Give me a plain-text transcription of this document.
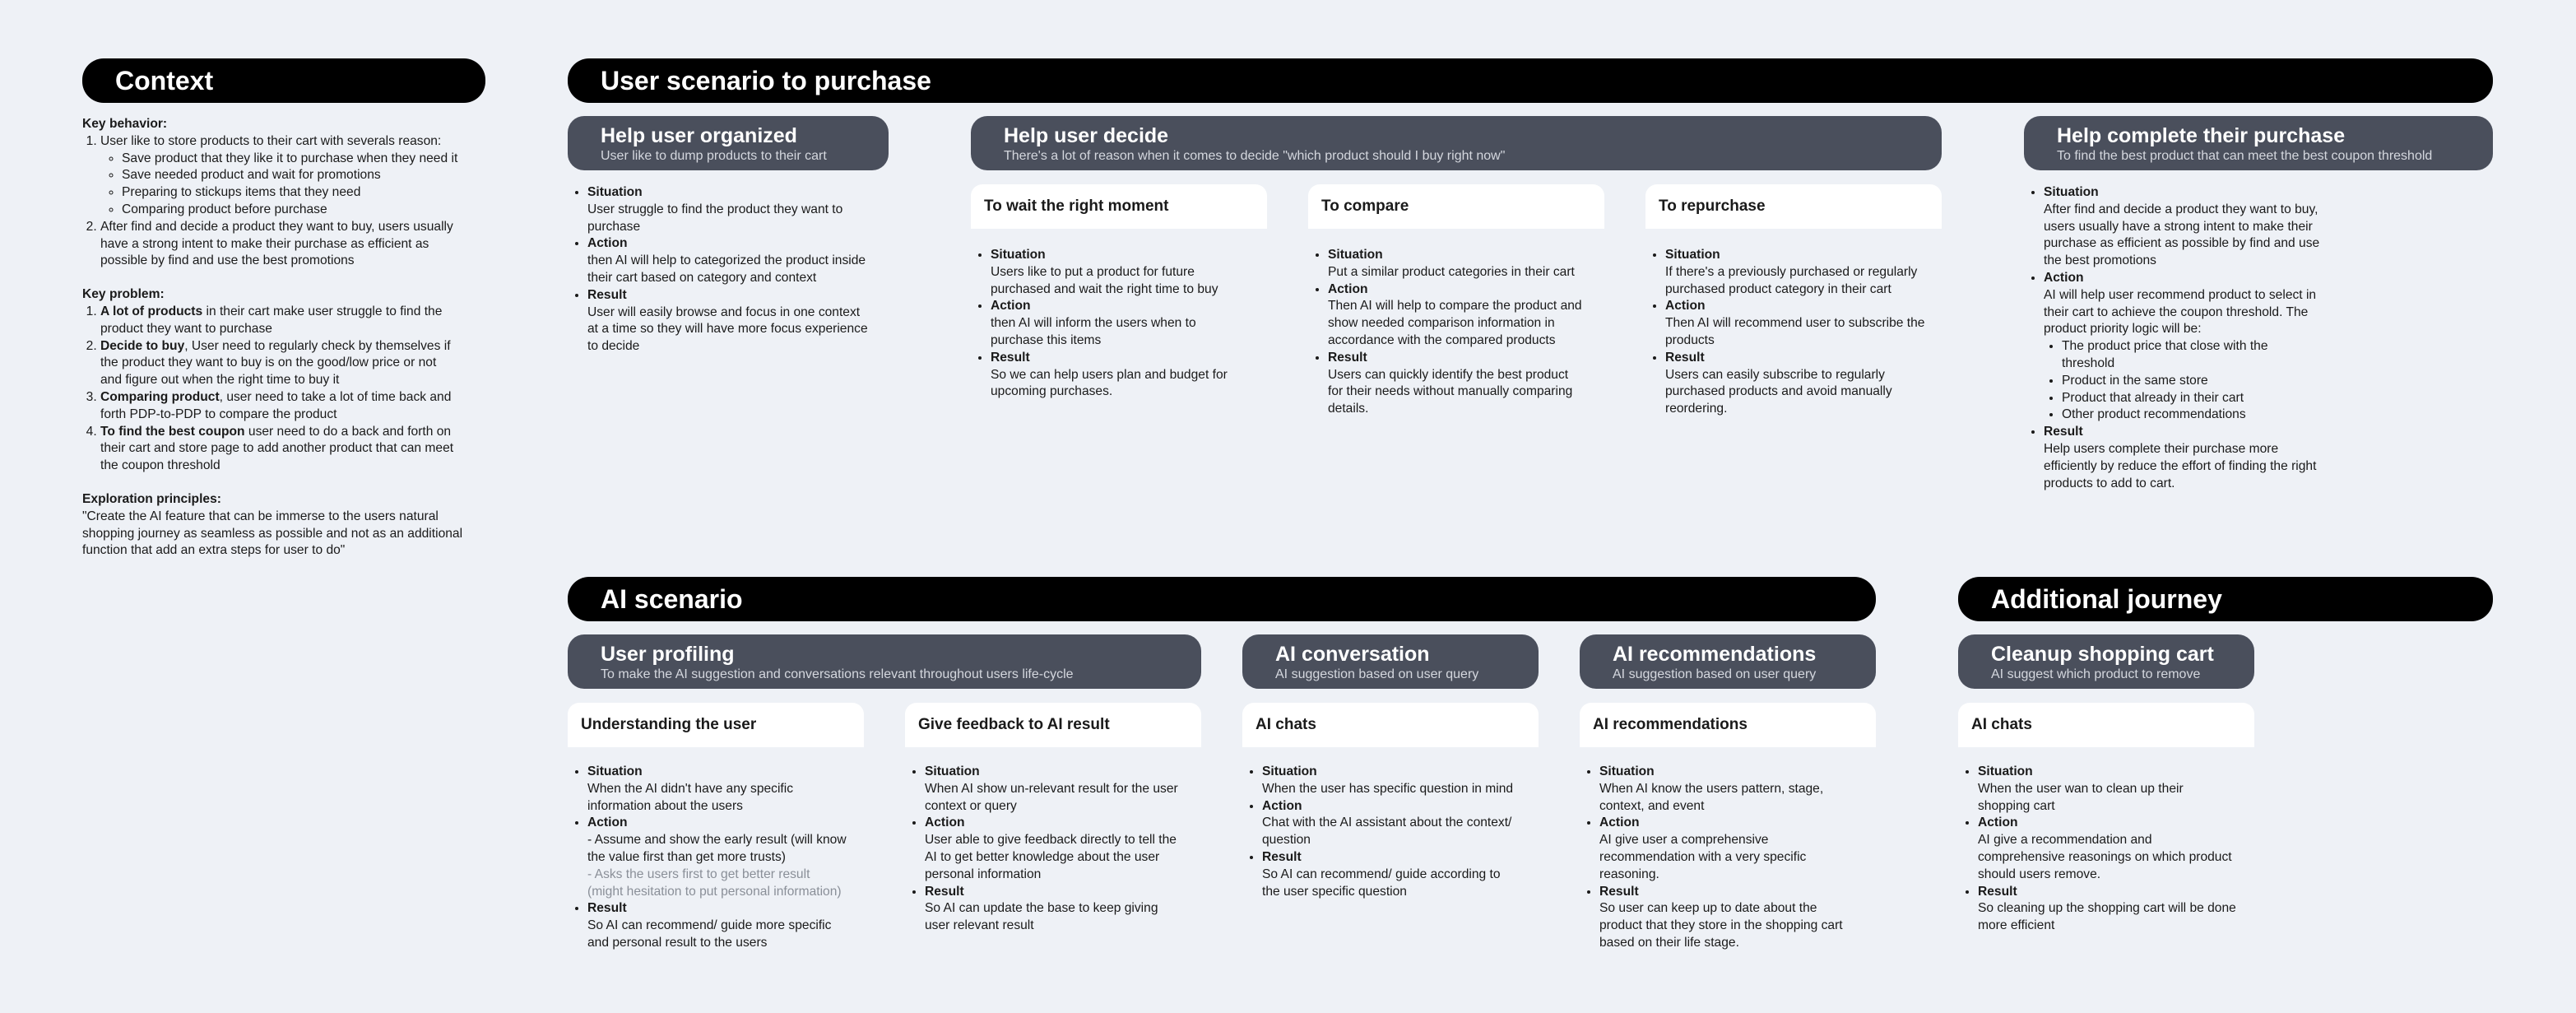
Context
Key behavior:
1. User like to store products to their cart with severals reason:
◦ Save product that they like it to purchase when they need it
◦ Save needed product and wait for promotions
◦ Preparing to stickups items that they need
◦ Comparing product before purchase
2. After find and decide a product they want to buy, users usually
have a strong intent to make their purchase as efficient as
possible by find and use the best promotions
Key problem:
1. A lot of products in their cart make user struggle to find the
product they want to purchase
2. Decide to buy, User need to regularly check by themselves if
the product they want to buy is on the good/low price or not
and figure out when the right time to buy it
3. Comparing product, user need to take a lot of time back and
forth PDP-to-PDP to compare the product
4. To find the best coupon user need to do a back and forth on
their cart and store page to add another product that can meet
the coupon threshold
Exploration principles:
"Create the AI feature that can be immerse to the users natural
shopping journey as seamless as possible and not as an additional
function that add an extra steps for user to do"
User scenario to purchase
Help user organized
User like to dump products to their cart
• Situation
User struggle to find the product they want to
purchase
• Action
then AI will help to categorized the product inside
their cart based on category and context
• Result
User will easily browse and focus in one context
at a time so they will have more focus experience
to decide
Help user decide
There's a lot of reason when it comes to decide "which product should I buy right now"
To wait the right moment
• Situation
Users like to put a product for future
purchased and wait the right time to buy
• Action
then AI will inform the users when to
purchase this items
• Result
So we can help users plan and budget for
upcoming purchases.
To compare
• Situation
Put a similar product categories in their cart
• Action
Then AI will help to compare the product and
show needed comparison information in
accordance with the compared products
• Result
Users can quickly identify the best product
for their needs without manually comparing
details.
To repurchase
• Situation
If there's a previously purchased or regularly
purchased product category in their cart
• Action
Then AI will recommend user to subscribe the
products
• Result
Users can easily subscribe to regularly
purchased products and avoid manually
reordering.
Help complete their purchase
To find the best product that can meet the best coupon threshold
• Situation
After find and decide a product they want to buy,
users usually have a strong intent to make their
purchase as efficient as possible by find and use
the best promotions
• Action
AI will help user recommend product to select in
their cart to achieve the coupon threshold. The
product priority logic will be:
• The product price that close with the
threshold
• Product in the same store
• Product that already in their cart
• Other product recommendations
• Result
Help users complete their purchase more
efficiently by reduce the effort of finding the right
products to add to cart.
AI scenario
User profiling
To make the AI suggestion and conversations relevant throughout users life-cycle
Understanding the user
• Situation
When the AI didn't have any specific
information about the users
• Action
- Assume and show the early result (will know
the value first than get more trusts)
- Asks the users first to get better result
(might hesitation to put personal information)
• Result
So AI can recommend/ guide more specific
and personal result to the users
Give feedback to AI result
• Situation
When AI show un-relevant result for the user
context or query
• Action
User able to give feedback directly to tell the
AI to get better knowledge about the user
personal information
• Result
So AI can update the base to keep giving
user relevant result
AI conversation
AI suggestion based on user query
AI chats
• Situation
When the user has specific question in mind
• Action
Chat with the AI assistant about the context/
question
• Result
So AI can recommend/ guide according to
the user specific question
AI recommendations
AI suggestion based on user query
AI recommendations
• Situation
When AI know the users pattern, stage,
context, and event
• Action
AI give user a comprehensive
recommendation with a very specific
reasoning.
• Result
So user can keep up to date about the
product that they store in the shopping cart
based on their life stage.
Additional journey
Cleanup shopping cart
AI suggest which product to remove
AI chats
• Situation
When the user wan to clean up their
shopping cart
• Action
AI give a recommendation and
comprehensive reasonings on which product
should users remove.
• Result
So cleaning up the shopping cart will be done
more efficient
